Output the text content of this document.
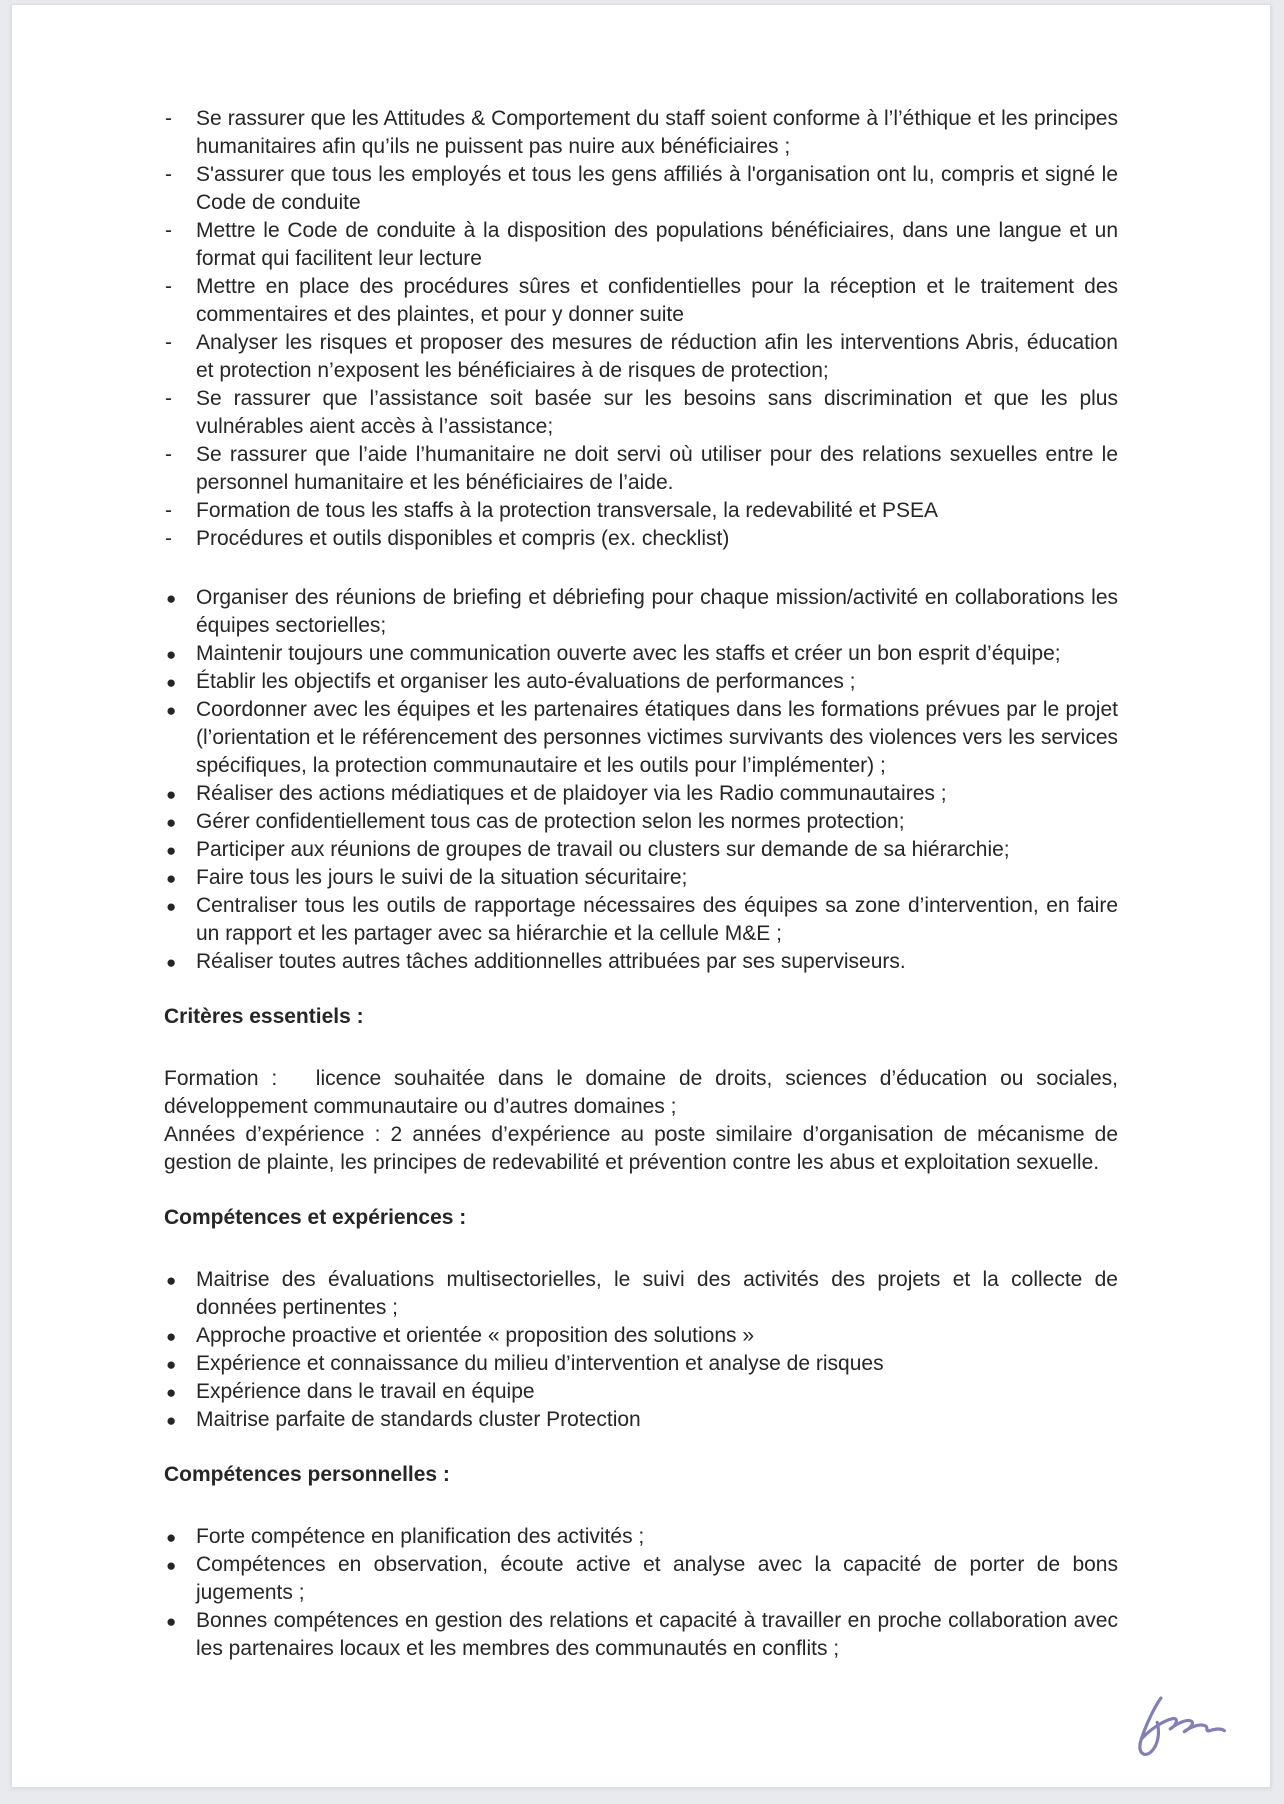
- Se rassurer que les Attitudes & Comportement du staff soient conforme à l’l’éthique et les principes humanitaires afin qu’ils ne puissent pas nuire aux bénéficiaires ;
- S'assurer que tous les employés et tous les gens affiliés à l'organisation ont lu, compris et signé le Code de conduite
- Mettre le Code de conduite à la disposition des populations bénéficiaires, dans une langue et un format qui facilitent leur lecture
- Mettre en place des procédures sûres et confidentielles pour la réception et le traitement des commentaires et des plaintes, et pour y donner suite
- Analyser les risques et proposer des mesures de réduction afin les interventions Abris, éducation et protection n’exposent les bénéficiaires à de risques de protection;
- Se rassurer que l’assistance soit basée sur les besoins sans discrimination et que les plus vulnérables aient accès à l’assistance;
- Se rassurer que l’aide l’humanitaire ne doit servi où utiliser pour des relations sexuelles entre le personnel humanitaire et les bénéficiaires de l’aide.
- Formation de tous les staffs à la protection transversale, la redevabilité et PSEA
- Procédures et outils disponibles et compris (ex. checklist)
● Organiser des réunions de briefing et débriefing pour chaque mission/activité en collaborations les équipes sectorielles;
● Maintenir toujours une communication ouverte avec les staffs et créer un bon esprit d’équipe;
● Établir les objectifs et organiser les auto-évaluations de performances ;
● Coordonner avec les équipes et les partenaires étatiques dans les formations prévues par le projet (l’orientation et le référencement des personnes victimes survivants des violences vers les services spécifiques, la protection communautaire et les outils pour l’implémenter) ;
● Réaliser des actions médiatiques et de plaidoyer via les Radio communautaires ;
● Gérer confidentiellement tous cas de protection selon les normes protection;
● Participer aux réunions de groupes de travail ou clusters sur demande de sa hiérarchie;
● Faire tous les jours le suivi de la situation sécuritaire;
● Centraliser tous les outils de rapportage nécessaires des équipes sa zone d’intervention, en faire un rapport et les partager avec sa hiérarchie et la cellule M&E ;
● Réaliser toutes autres tâches additionnelles attribuées par ses superviseurs.
Critères essentiels :

Formation :   licence souhaitée dans le domaine de droits, sciences d’éducation ou sociales, développement communautaire ou d’autres domaines ;

Années d’expérience : 2 années d’expérience au poste similaire d’organisation de mécanisme de gestion de plainte, les principes de redevabilité et prévention contre les abus et exploitation sexuelle.

Compétences et expériences :
● Maitrise des évaluations multisectorielles, le suivi des activités des projets et la collecte de données pertinentes ;
● Approche proactive et orientée « proposition des solutions »
● Expérience et connaissance du milieu d’intervention et analyse de risques
● Expérience dans le travail en équipe
● Maitrise parfaite de standards cluster Protection
Compétences personnelles :
● Forte compétence en planification des activités ;
● Compétences en observation, écoute active et analyse avec la capacité de porter de bons jugements ;
● Bonnes compétences en gestion des relations et capacité à travailler en proche collaboration avec les partenaires locaux et les membres des communautés en conflits ;
